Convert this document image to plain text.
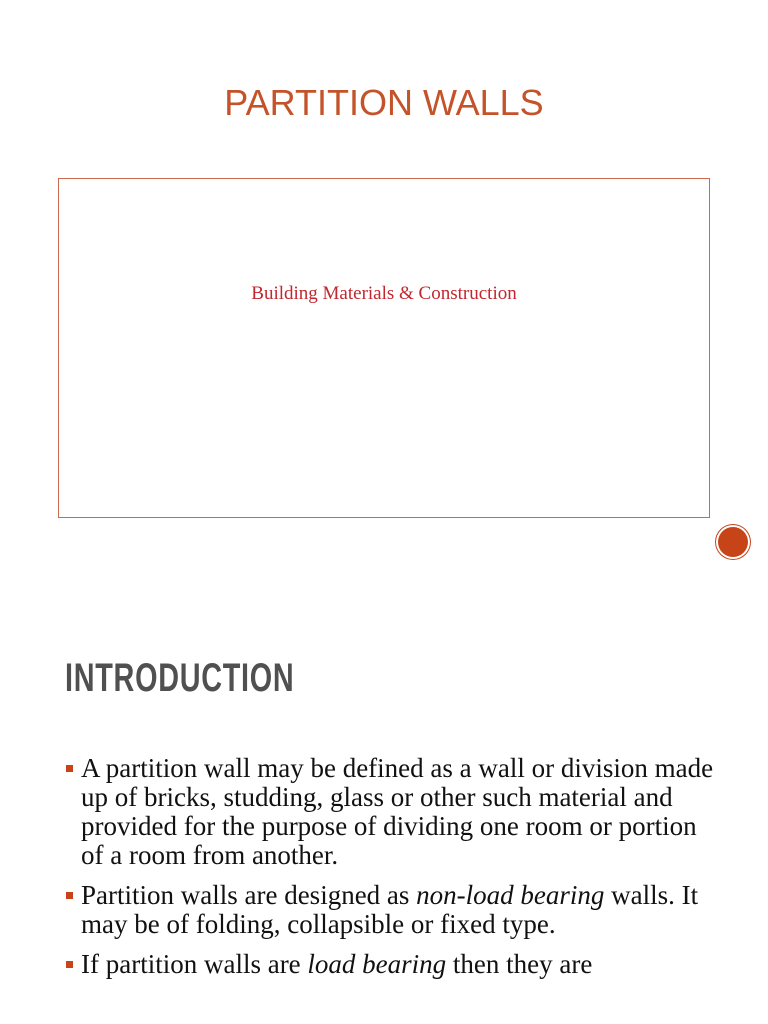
PARTITION WALLS
Building Materials & Construction
INTRODUCTION
A partition wall may be defined as a wall or division made up of bricks, studding, glass or other such material and provided for the purpose of dividing one room or portion of a room from another.
Partition walls are designed as non-load bearing walls. It may be of folding, collapsible or fixed type.
If partition walls are load bearing then they are
